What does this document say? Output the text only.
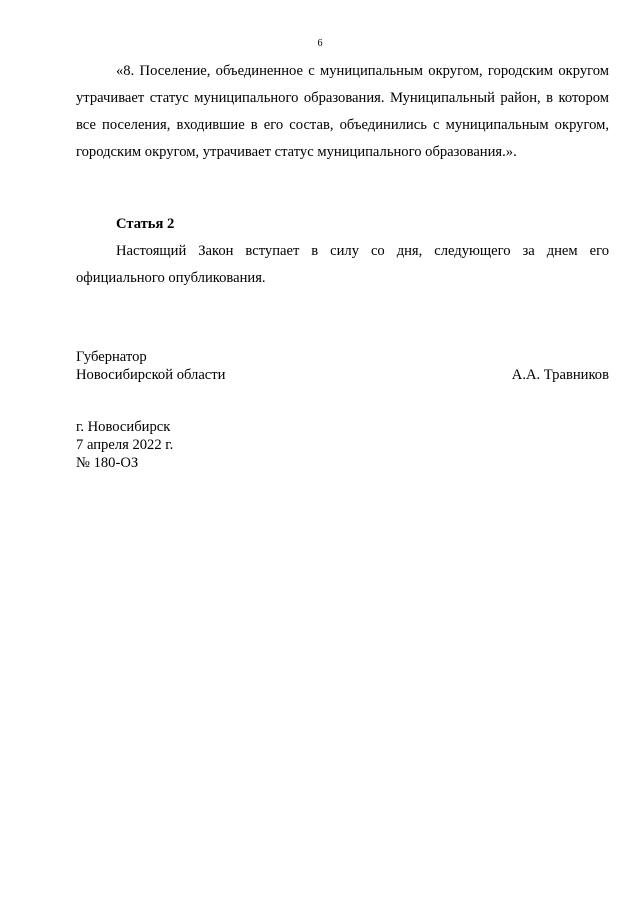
6

«8. Поселение, объединенное с муниципальным округом, городским округом утрачивает статус муниципального образования. Муниципальный район, в котором все поселения, входившие в его состав, объединились с муниципальным округом, городским округом, утрачивает статус муниципального образования.».

Статья 2

Настоящий Закон вступает в силу со дня, следующего за днем его официального опубликования.

Губернатор
Новосибирской области	А.А. Травников
г. Новосибирск
7 апреля 2022 г.
№ 180-ОЗ
